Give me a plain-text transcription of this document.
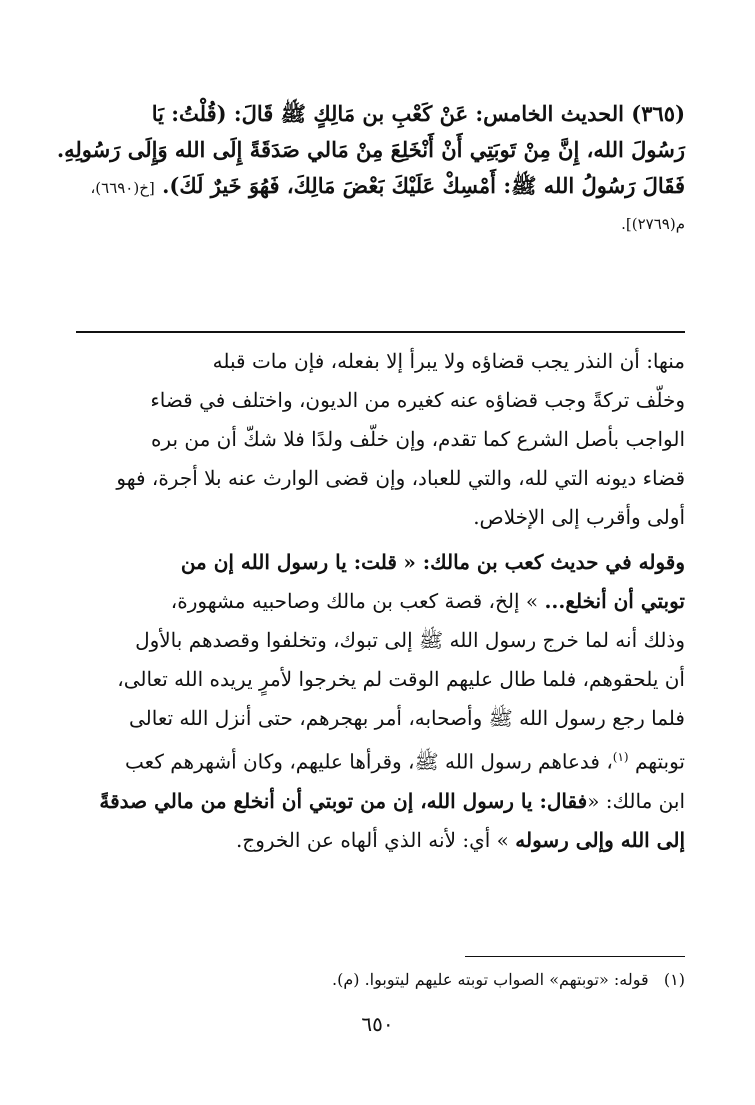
(٣٦٥) الحديث الخامس: عَنْ كَعْبِ بن مَالِكٍ ﷺ قَالَ: (قُلْتُ: يَا
رَسُولَ الله، إِنَّ مِنْ تَوبَتِي أَنْ أَنْخَلِعَ مِنْ مَالي صَدَقَةً إِلَى الله وَإِلَى رَسُولِهِ.
فَقَالَ رَسُولُ الله ﷺ: أَمْسِكْ عَلَيْكَ بَعْضَ مَالِكَ، فَهُوَ خَيرٌ لَكَ). [خ(٦٦٩٠)،
م(٢٧٦٩)].
منها: أن النذر يجب قضاؤه ولا يبرأ إلا بفعله، فإن مات قبله
وخلّف تركةً وجب قضاؤه عنه كغيره من الديون، واختلف في قضاء
الواجب بأصل الشرع كما تقدم، وإن خلّف ولدًا فلا شكّ أن من بره
قضاء ديونه التي لله، والتي للعباد، وإن قضى الوارث عنه بلا أجرة، فهو
أولى وأقرب إلى الإخلاص.
وقوله في حديث كعب بن مالك: « قلت: يا رسول الله إن من
توبتي أن أنخلع... » إلخ، قصة كعب بن مالك وصاحبيه مشهورة،
وذلك أنه لما خرج رسول الله ﷺ إلى تبوك، وتخلفوا وقصدهم بالأول
أن يلحقوهم، فلما طال عليهم الوقت لم يخرجوا لأمرٍ يريده الله تعالى،
فلما رجع رسول الله ﷺ وأصحابه، أمر بهجرهم، حتى أنزل الله تعالى
توبتهم $^{(١)}$، فدعاهم رسول الله ﷺ، وقرأها عليهم، وكان أشهرهم كعب
ابن مالك: «فقال: يا رسول الله، إن من توبتي أن أنخلع من مالي صدقةً
إلى الله وإلى رسوله » أي: لأنه الذي ألهاه عن الخروج.
(١)   قوله: «توبتهم» الصواب توبته عليهم ليتوبوا. (م).
٦٥٠
